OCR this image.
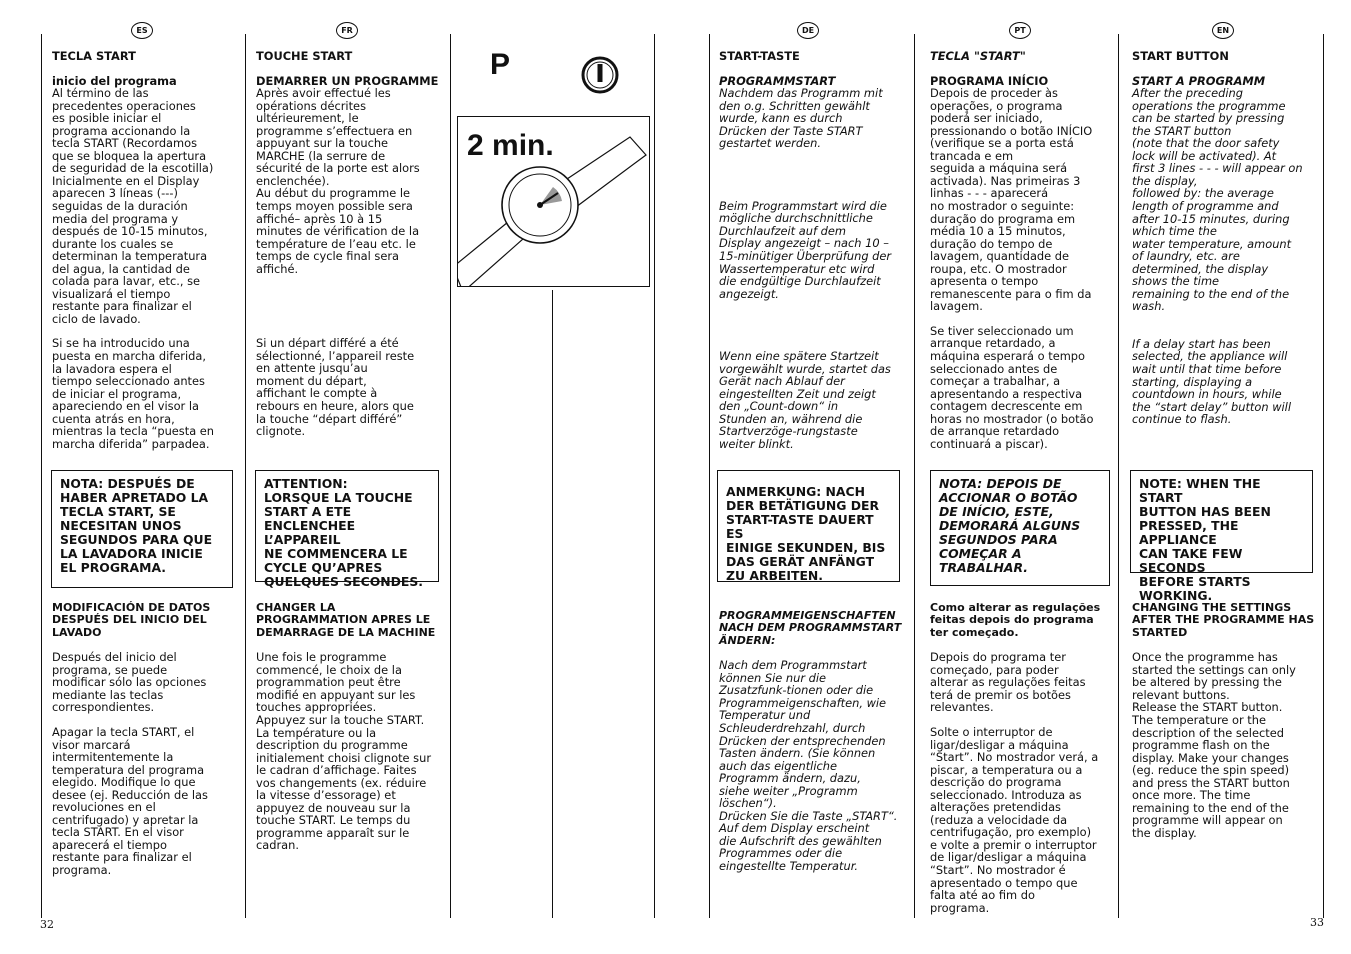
ES	FR	DE	PT	EN

TECLA START

inicio del programa

Al término de las
precedentes operaciones
es posible iniciar el
programa accionando la
tecla START (Recordamos
que se bloquea la apertura
de seguridad de la escotilla)
Inicialmente en el Display
aparecen 3 líneas (---)
seguidas de la duración
media del programa y
después de 10-15 minutos,
durante los cuales se
determinan la temperatura
del agua, la cantidad de
colada para lavar, etc., se
visualizará el tiempo
restante para finalizar el
ciclo de lavado.

Si se ha introducido una
puesta en marcha diferida,
la lavadora espera el
tiempo seleccionado antes
de iniciar el programa,
apareciendo en el visor la
cuenta atrás en hora,
mientras la tecla “puesta en
marcha diferida” parpadea.

NOTA: DESPUÉS DE
HABER APRETADO LA
TECLA START, SE
NECESITAN UNOS
SEGUNDOS PARA QUE
LA LAVADORA INICIE
EL PROGRAMA.

MODIFICACIÓN DE DATOS
DESPUÉS DEL INICIO DEL
LAVADO

Después del inicio del
programa, se puede
modificar sólo las opciones
mediante las teclas
correspondientes.

Apagar la tecla START, el
visor marcará
intermitentemente la
temperatura del programa
elegido. Modifique lo que
desee (ej. Reducción de las
revoluciones en el
centrifugado) y apretar la
tecla START. En el visor
aparecerá el tiempo
restante para finalizar el
programa.

TOUCHE START

DEMARRER UN PROGRAMME

Après avoir effectué les
opérations décrites
ultérieurement, le
programme s’effectuera en
appuyant sur la touche
MARCHE (la serrure de
sécurité de la porte est alors
enclenchée).
Au début du programme le
temps moyen possible sera
affiché– après 10 à 15
minutes de vérification de la
température de l’eau etc. le
temps de cycle final sera
affiché.

Si un départ différé a été
sélectionné, l’appareil reste
en attente jusqu’au
moment du départ,
affichant le compte à
rebours en heure, alors que
la touche “départ différé”
clignote.

ATTENTION:
LORSQUE LA TOUCHE
START A ETE
ENCLENCHEE L’APPAREIL
NE COMMENCERA LE
CYCLE QU’APRES
QUELQUES SECONDES.

CHANGER LA
PROGRAMMATION APRES LE
DEMARRAGE DE LA MACHINE

Une fois le programme
commencé, le choix de la
programmation peut être
modifié en appuyant sur les
touches appropriées.
Appuyez sur la touche START.
La température ou la
description du programme
initialement choisi clignote sur
le cadran d’affichage. Faites
vos changements (ex. réduire
la vitesse d’essorage) et
appuyez de nouveau sur la
touche START. Le temps du
programme apparaît sur le
cadran.

P
2 min.

START-TASTE

PROGRAMMSTART

Nachdem das Programm mit
den o.g. Schritten gewählt
wurde, kann es durch
Drücken der Taste START
gestartet werden.

Beim Programmstart wird die
mögliche durchschnittliche
Durchlaufzeit auf dem
Display angezeigt – nach 10 –
15-minütiger Überprüfung der
Wassertemperatur etc wird
die endgültige Durchlaufzeit
angezeigt.

Wenn eine spätere Startzeit
vorgewählt wurde, startet das
Gerät nach Ablauf der
eingestellten Zeit und zeigt
den „Count-down“ in
Stunden an, während die
Startverzöge-rungstaste
weiter blinkt.

ANMERKUNG: NACH
DER BETÄTIGUNG DER
START-TASTE DAUERT ES
EINIGE SEKUNDEN, BIS
DAS GERÄT ANFÄNGT
ZU ARBEITEN.

PROGRAMMEIGENSCHAFTEN
NACH DEM PROGRAMMSTART
ÄNDERN:

Nach dem Programmstart
können Sie nur die
Zusatzfunk-tionen oder die
Programmeigenschaften, wie
Temperatur und
Schleuderdrehzahl, durch
Drücken der entsprechenden
Tasten ändern. (Sie können
auch das eigentliche
Programm ändern, dazu,
siehe weiter „Programm
löschen“).
Drücken Sie die Taste „START“.
Auf dem Display erscheint
die Aufschrift des gewählten
Programmes oder die
eingestellte Temperatur.

TECLA "START"

PROGRAMA INÍCIO

Depois de proceder às
operações, o programa
poderá ser iniciado,
pressionando o botão INÍCIO
(verifique se a porta está
trancada e em
seguida a máquina será
activada). Nas primeiras 3
linhas - - - aparecerá
no mostrador o seguinte:
duração do programa em
média 10 a 15 minutos,
duração do tempo de
lavagem, quantidade de
roupa, etc. O mostrador
apresenta o tempo
remanescente para o fim da
lavagem.

Se tiver seleccionado um
arranque retardado, a
máquina esperará o tempo
seleccionado antes de
começar a trabalhar, a
apresentando a respectiva
contagem decrescente em
horas no mostrador (o botão
de arranque retardado
continuará a piscar).

NOTA: DEPOIS DE
ACCIONAR O BOTÃO
DE INÍCIO, ESTE,
DEMORARÁ ALGUNS
SEGUNDOS PARA
COMEÇAR A
TRABALHAR.

Como alterar as regulações
feitas depois do programa
ter começado.

Depois do programa ter
começado, para poder
alterar as regulações feitas
terá de premir os botões
relevantes.

Solte o interruptor de
ligar/desligar a máquina
“Start”. No mostrador verá, a
piscar, a temperatura ou a
descrição do programa
seleccionado. Introduza as
alterações pretendidas
(reduza a velocidade da
centrifugação, pro exemplo)
e volte a premir o interruptor
de ligar/desligar a máquina
“Start”. No mostrador é
apresentado o tempo que
falta até ao fim do
programa.

START BUTTON

START A PROGRAMM

After the preceding
operations the programme
can be started by pressing
the START button
(note that the door safety
lock will be activated). At
first 3 lines - - - will appear on
the display,
followed by: the average
length of programme and
after 10-15 minutes, during
which time the
water temperature, amount
of laundry, etc. are
determined, the display
shows the time
remaining to the end of the
wash.

If a delay start has been
selected, the appliance will
wait until that time before
starting, displaying a
countdown in hours, while
the “start delay” button will
continue to flash.

NOTE: WHEN THE START
BUTTON HAS BEEN
PRESSED, THE APPLIANCE
CAN TAKE FEW SECONDS
BEFORE STARTS
WORKING.

CHANGING THE SETTINGS
AFTER THE PROGRAMME HAS
STARTED

Once the programme has
started the settings can only
be altered by pressing the
relevant buttons.
Release the START button.
The temperature or the
description of the selected
programme flash on the
display. Make your changes
(eg. reduce the spin speed)
and press the START button
once more. The time
remaining to the end of the
programme will appear on
the display.

32	33
